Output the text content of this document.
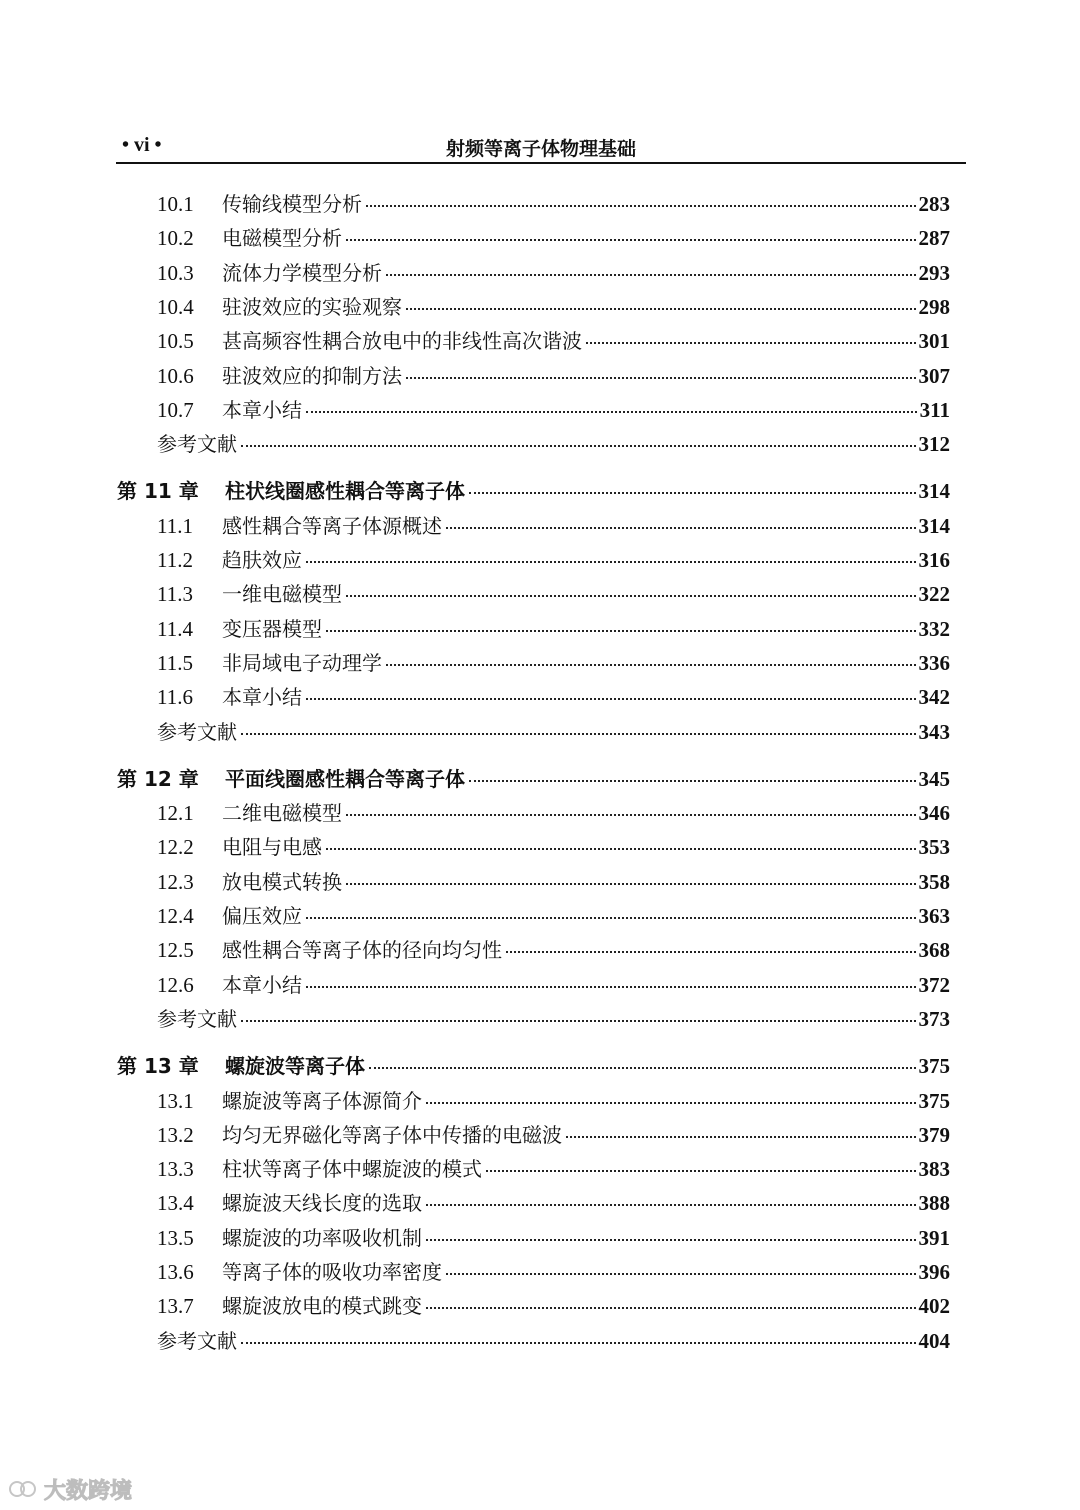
• vi •	射频等离子体物理基础
10.1	传输线模型分析	283
10.2	电磁模型分析	287
10.3	流体力学模型分析	293
10.4	驻波效应的实验观察	298
10.5	甚高频容性耦合放电中的非线性高次谐波	301
10.6	驻波效应的抑制方法	307
10.7	本章小结	311
参考文献	312
第 11 章	柱状线圈感性耦合等离子体	314
11.1	感性耦合等离子体源概述	314
11.2	趋肤效应	316
11.3	一维电磁模型	322
11.4	变压器模型	332
11.5	非局域电子动理学	336
11.6	本章小结	342
参考文献	343
第 12 章	平面线圈感性耦合等离子体	345
12.1	二维电磁模型	346
12.2	电阻与电感	353
12.3	放电模式转换	358
12.4	偏压效应	363
12.5	感性耦合等离子体的径向均匀性	368
12.6	本章小结	372
参考文献	373
第 13 章	螺旋波等离子体	375
13.1	螺旋波等离子体源简介	375
13.2	均匀无界磁化等离子体中传播的电磁波	379
13.3	柱状等离子体中螺旋波的模式	383
13.4	螺旋波天线长度的选取	388
13.5	螺旋波的功率吸收机制	391
13.6	等离子体的吸收功率密度	396
13.7	螺旋波放电的模式跳变	402
参考文献	404
大数跨境
